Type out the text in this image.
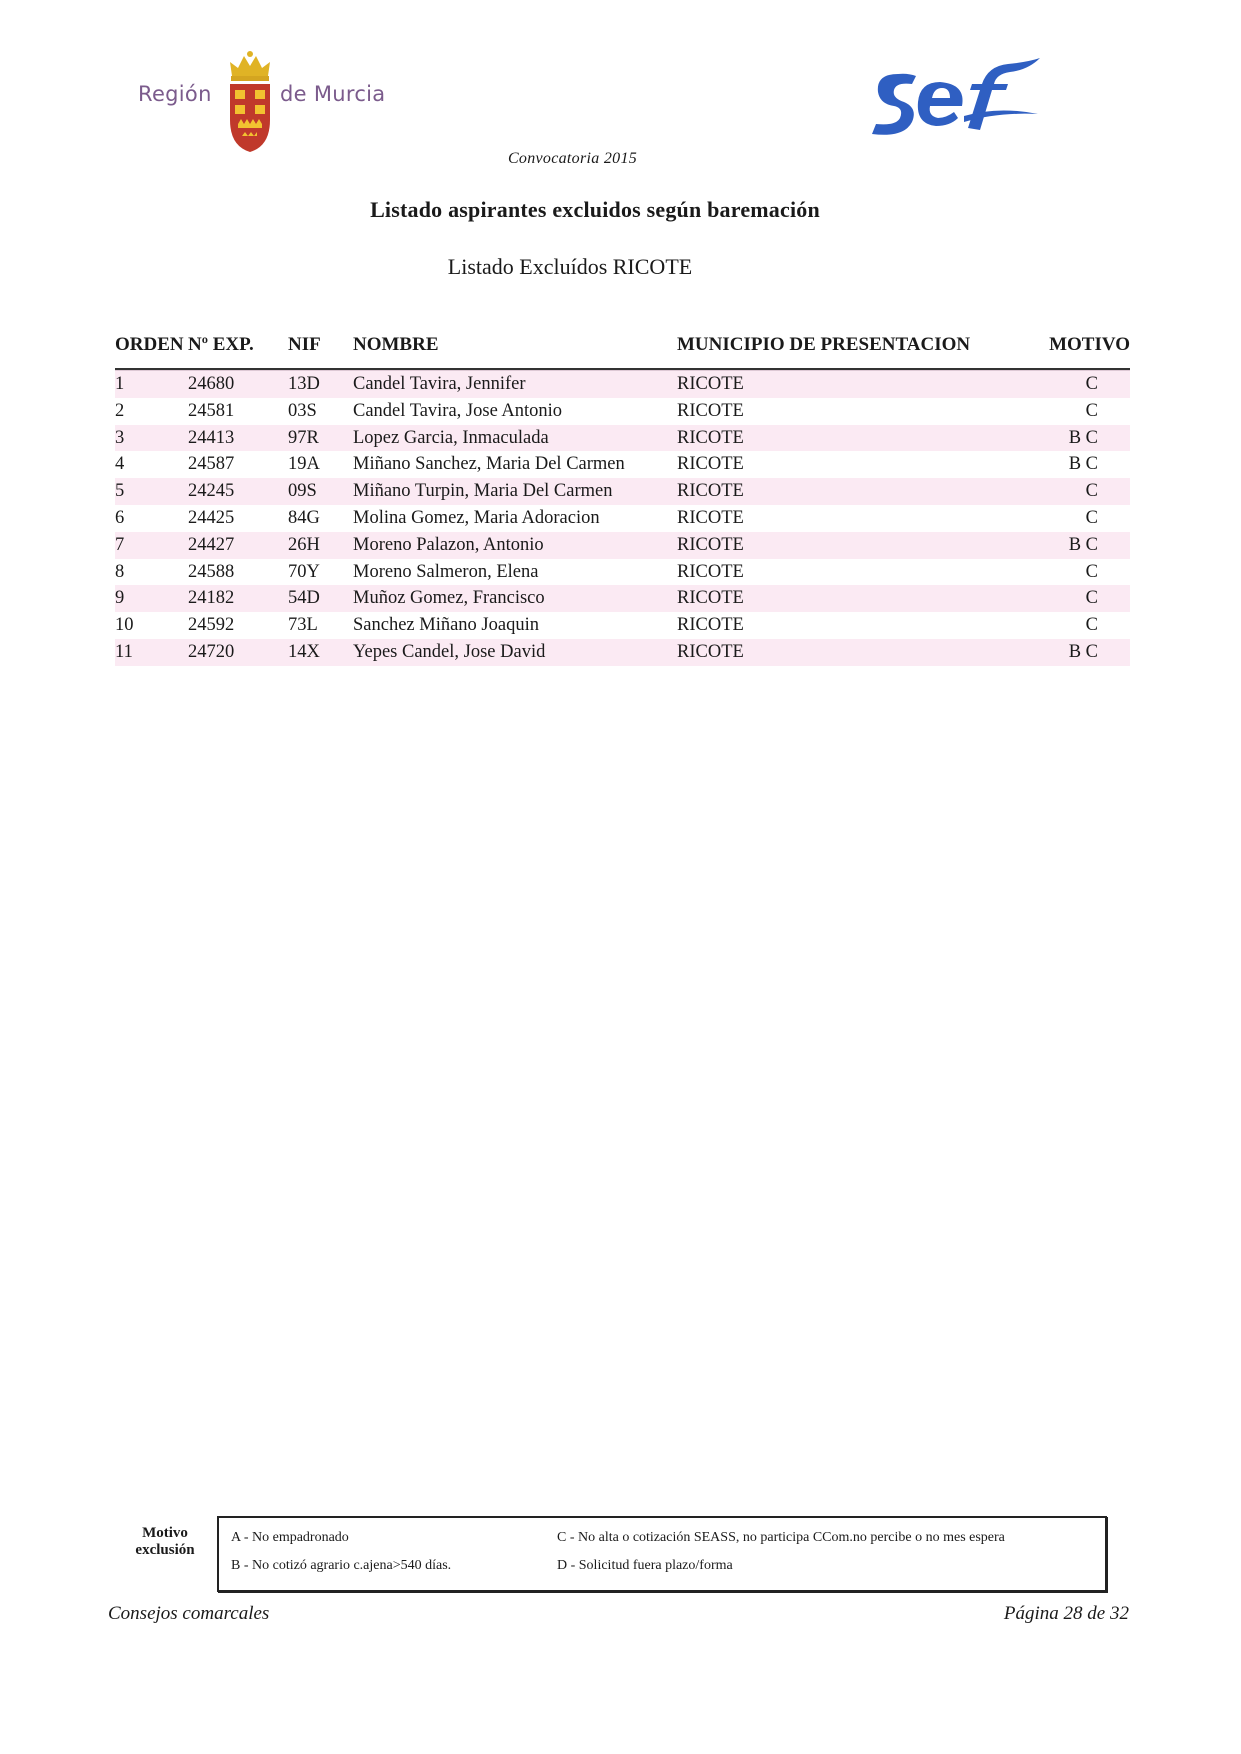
Región	de Murcia
Convocatoria 2015
Listado aspirantes excluidos según baremación
Listado Excluídos RICOTE
ORDEN Nº EXP. NIF NOMBRE	MUNICIPIO DE PRESENTACION	MOTIVO
1	24680	13D Candel Tavira, Jennifer	RICOTE	C
2	24581	03S Candel Tavira, Jose Antonio	RICOTE	C
3	24413	97R Lopez Garcia, Inmaculada	RICOTE	B C
4	24587	19A Miñano Sanchez, Maria Del Carmen	RICOTE	B C
5	24245	09S Miñano Turpin, Maria Del Carmen	RICOTE	C
6	24425	84G Molina Gomez, Maria Adoracion	RICOTE	C
7	24427	26H Moreno Palazon, Antonio	RICOTE	B C
8	24588	70Y Moreno Salmeron, Elena	RICOTE	C
9	24182	54D Muñoz Gomez, Francisco	RICOTE	C
10	24592	73L Sanchez Miñano Joaquin	RICOTE	C
11	24720	14X Yepes Candel, Jose David	RICOTE	B C
Motivo
exclusión
A - No empadronado
B - No cotizó agrario c.ajena>540 días.
C - No alta o cotización SEASS, no participa CCom.no percibe o no mes espera
D - Solicitud fuera plazo/forma
Consejos comarcales	Página 28 de 32
